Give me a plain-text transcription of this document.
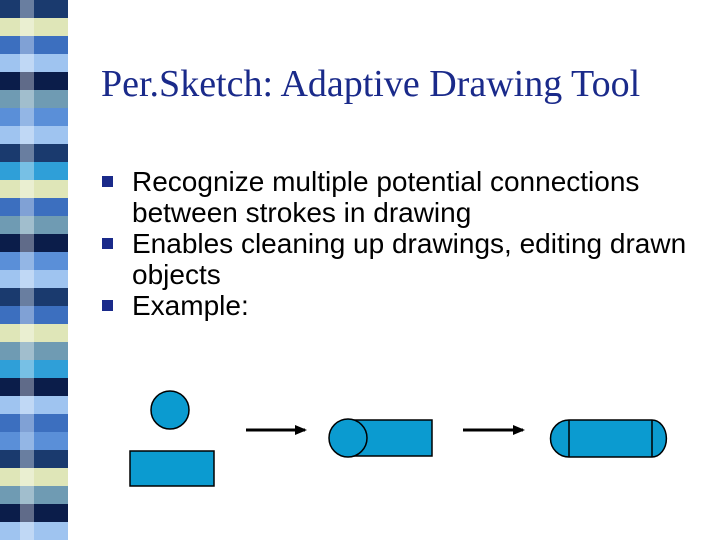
Per.Sketch: Adaptive Drawing Tool
Recognize multiple potential connections between strokes in drawing
Enables cleaning up drawings, editing drawn objects
Example:
